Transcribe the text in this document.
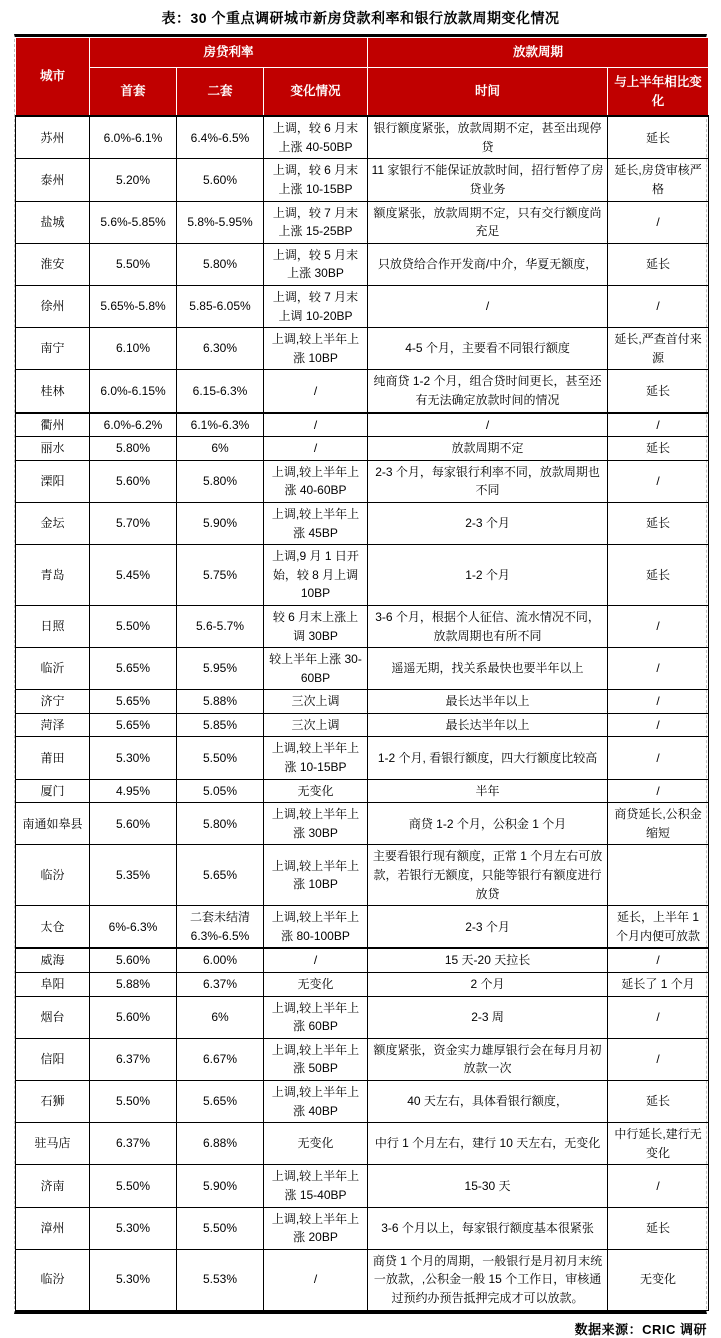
表：30 个重点调研城市新房贷款利率和银行放款周期变化情况
城市	房贷利率			放款周期	
	首套	二套	变化情况	时间	与上半年相比变化
苏州	6.0%-6.1%	6.4%-6.5%	上调，较 6 月末上涨 40-50BP	银行额度紧张，放款周期不定，甚至出现停贷	延长
泰州	5.20%	5.60%	上调，较 6 月末上涨 10-15BP	11 家银行不能保证放款时间，招行暂停了房贷业务	延长,房贷审核严格
盐城	5.6%-5.85%	5.8%-5.95%	上调，较 7 月末上涨 15-25BP	额度紧张，放款周期不定，只有交行额度尚充足	/
淮安	5.50%	5.80%	上调，较 5 月末上涨 30BP	只放贷给合作开发商/中介，华夏无额度，	延长
徐州	5.65%-5.8%	5.85-6.05%	上调，较 7 月末上调 10-20BP	/	/
南宁	6.10%	6.30%	上调,较上半年上涨 10BP	4-5 个月，主要看不同银行额度	延长,严查首付来源
桂林	6.0%-6.15%	6.15-6.3%	/	纯商贷 1-2 个月，组合贷时间更长，甚至还有无法确定放款时间的情况	延长
衢州	6.0%-6.2%	6.1%-6.3%	/	/	/
丽水	5.80%	6%	/	放款周期不定	延长
溧阳	5.60%	5.80%	上调,较上半年上涨 40-60BP	2-3 个月，每家银行利率不同，放款周期也不同	/
金坛	5.70%	5.90%	上调,较上半年上涨 45BP	2-3 个月	延长
青岛	5.45%	5.75%	上调,9 月 1 日开始，较 8 月上调 10BP	1-2 个月	延长
日照	5.50%	5.6-5.7%	较 6 月末上涨上调 30BP	3-6 个月，根据个人征信、流水情况不同，放款周期也有所不同	/
临沂	5.65%	5.95%	较上半年上涨 30-60BP	遥遥无期，找关系最快也要半年以上	/
济宁	5.65%	5.88%	三次上调	最长达半年以上	/
菏泽	5.65%	5.85%	三次上调	最长达半年以上	/
莆田	5.30%	5.50%	上调,较上半年上涨 10-15BP	1-2 个月, 看银行额度，四大行额度比较高	/
厦门	4.95%	5.05%	无变化	半年	/
南通如皋县	5.60%	5.80%	上调,较上半年上涨 30BP	商贷 1-2 个月，公积金 1 个月	商贷延长,公积金缩短
临汾	5.35%	5.65%	上调,较上半年上涨 10BP	主要看银行现有额度，正常 1 个月左右可放款，若银行无额度，只能等银行有额度进行放贷	
太仓	6%-6.3%	二套未结清 6.3%-6.5%	上调,较上半年上涨 80-100BP	2-3 个月	延长，上半年 1 个月内便可放款
威海	5.60%	6.00%	/	15 天-20 天拉长	/
阜阳	5.88%	6.37%	无变化	2 个月	延长了 1 个月
烟台	5.60%	6%	上调,较上半年上涨 60BP	2-3 周	/
信阳	6.37%	6.67%	上调,较上半年上涨 50BP	额度紧张，资金实力雄厚银行会在每月月初放款一次	/
石狮	5.50%	5.65%	上调,较上半年上涨 40BP	40 天左右，具体看银行额度，	延长
驻马店	6.37%	6.88%	无变化	中行 1 个月左右，建行 10 天左右，无变化	中行延长,建行无变化
济南	5.50%	5.90%	上调,较上半年上涨 15-40BP	15-30 天	/
漳州	5.30%	5.50%	上调,较上半年上涨 20BP	3-6 个月以上，每家银行额度基本很紧张	延长
临汾	5.30%	5.53%	/	商贷 1 个月的周期，一般银行是月初月末统一放款，,公积金一般 15 个工作日，审核通过预约办预告抵押完成才可以放款。	无变化
数据来源：CRIC 调研
